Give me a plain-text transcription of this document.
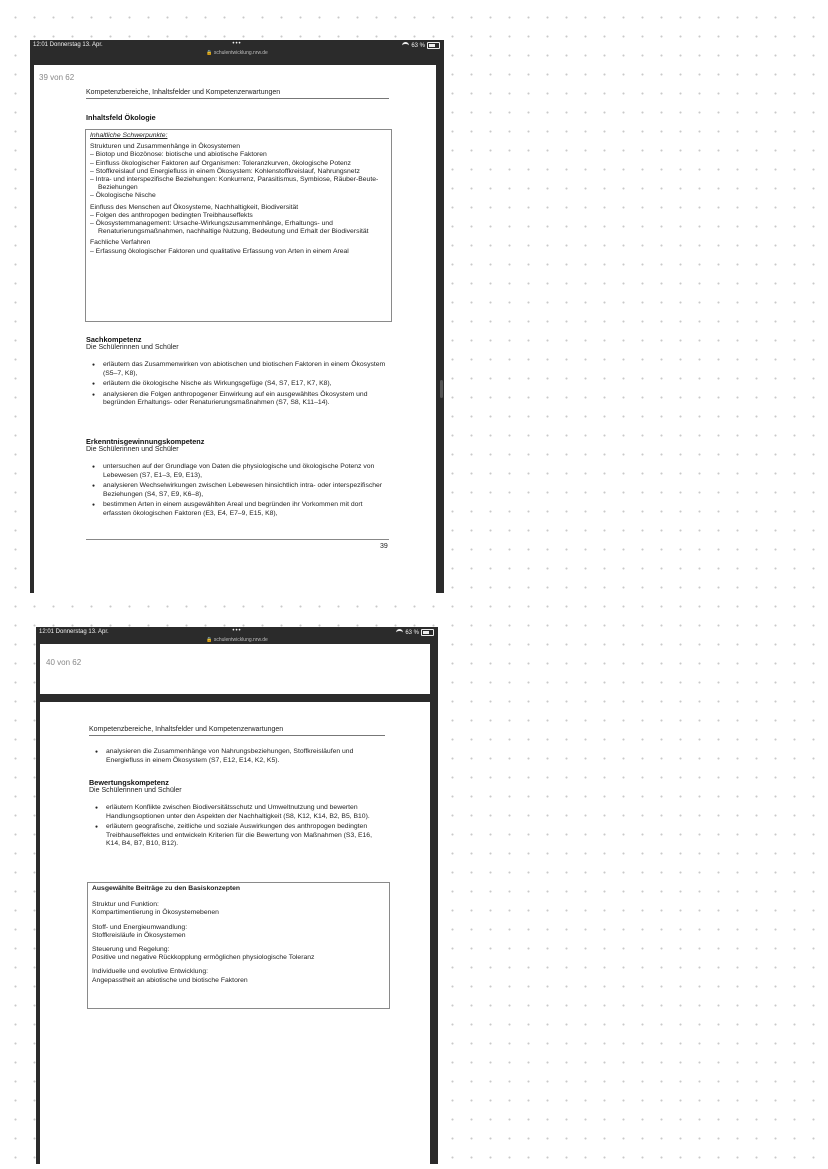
12:01 Donnerstag 13. Apr.	•••	63 %
🔒 schulentwicklung.nrw.de
39 von 62
Kompetenzbereiche, Inhaltsfelder und Kompetenzerwartungen
Inhaltsfeld Ökologie
Inhaltliche Schwerpunkte:
Strukturen und Zusammenhänge in Ökosystemen
– Biotop und Biozönose: biotische und abiotische Faktoren
– Einfluss ökologischer Faktoren auf Organismen: Toleranzkurven, ökologische Potenz
– Stoffkreislauf und Energiefluss in einem Ökosystem: Kohlenstoffkreislauf, Nahrungsnetz
– Intra- und interspezifische Beziehungen: Konkurrenz, Parasitismus, Symbiose, Räuber-Beute-Beziehungen
– Ökologische Nische
Einfluss des Menschen auf Ökosysteme, Nachhaltigkeit, Biodiversität
– Folgen des anthropogen bedingten Treibhauseffekts
– Ökosystemmanagement: Ursache-Wirkungszusammenhänge, Erhaltungs- und Renaturierungsmaßnahmen, nachhaltige Nutzung, Bedeutung und Erhalt der Biodiversität
Fachliche Verfahren
– Erfassung ökologischer Faktoren und qualitative Erfassung von Arten in einem Areal
Sachkompetenz
Die Schülerinnen und Schüler
● erläutern das Zusammenwirken von abiotischen und biotischen Faktoren in einem Ökosystem (S5–7, K8),
● erläutern die ökologische Nische als Wirkungsgefüge (S4, S7, E17, K7, K8),
● analysieren die Folgen anthropogener Einwirkung auf ein ausgewähltes Ökosystem und begründen Erhaltungs- oder Renaturierungsmaßnahmen (S7, S8, K11–14).
Erkenntnisgewinnungskompetenz
Die Schülerinnen und Schüler
● untersuchen auf der Grundlage von Daten die physiologische und ökologische Potenz von Lebewesen (S7, E1–3, E9, E13),
● analysieren Wechselwirkungen zwischen Lebewesen hinsichtlich intra- oder interspezifischer Beziehungen (S4, S7, E9, K6–8),
● bestimmen Arten in einem ausgewählten Areal und begründen ihr Vorkommen mit dort erfassten ökologischen Faktoren (E3, E4, E7–9, E15, K8),
39
12:01 Donnerstag 13. Apr.	•••	63 %
🔒 schulentwicklung.nrw.de
40 von 62
Kompetenzbereiche, Inhaltsfelder und Kompetenzerwartungen
● analysieren die Zusammenhänge von Nahrungsbeziehungen, Stoffkreisläufen und Energiefluss in einem Ökosystem (S7, E12, E14, K2, K5).
Bewertungskompetenz
Die Schülerinnen und Schüler
● erläutern Konflikte zwischen Biodiversitätsschutz und Umweltnutzung und bewerten Handlungsoptionen unter den Aspekten der Nachhaltigkeit (S8, K12, K14, B2, B5, B10).
● erläutern geografische, zeitliche und soziale Auswirkungen des anthropogen bedingten Treibhauseffektes und entwickeln Kriterien für die Bewertung von Maßnahmen (S3, E16, K14, B4, B7, B10, B12).
Ausgewählte Beiträge zu den Basiskonzepten
Struktur und Funktion:
Kompartimentierung in Ökosystemebenen
Stoff- und Energieumwandlung:
Stoffkreisläufe in Ökosystemen
Steuerung und Regelung:
Positive und negative Rückkopplung ermöglichen physiologische Toleranz
Individuelle und evolutive Entwicklung:
Angepasstheit an abiotische und biotische Faktoren
